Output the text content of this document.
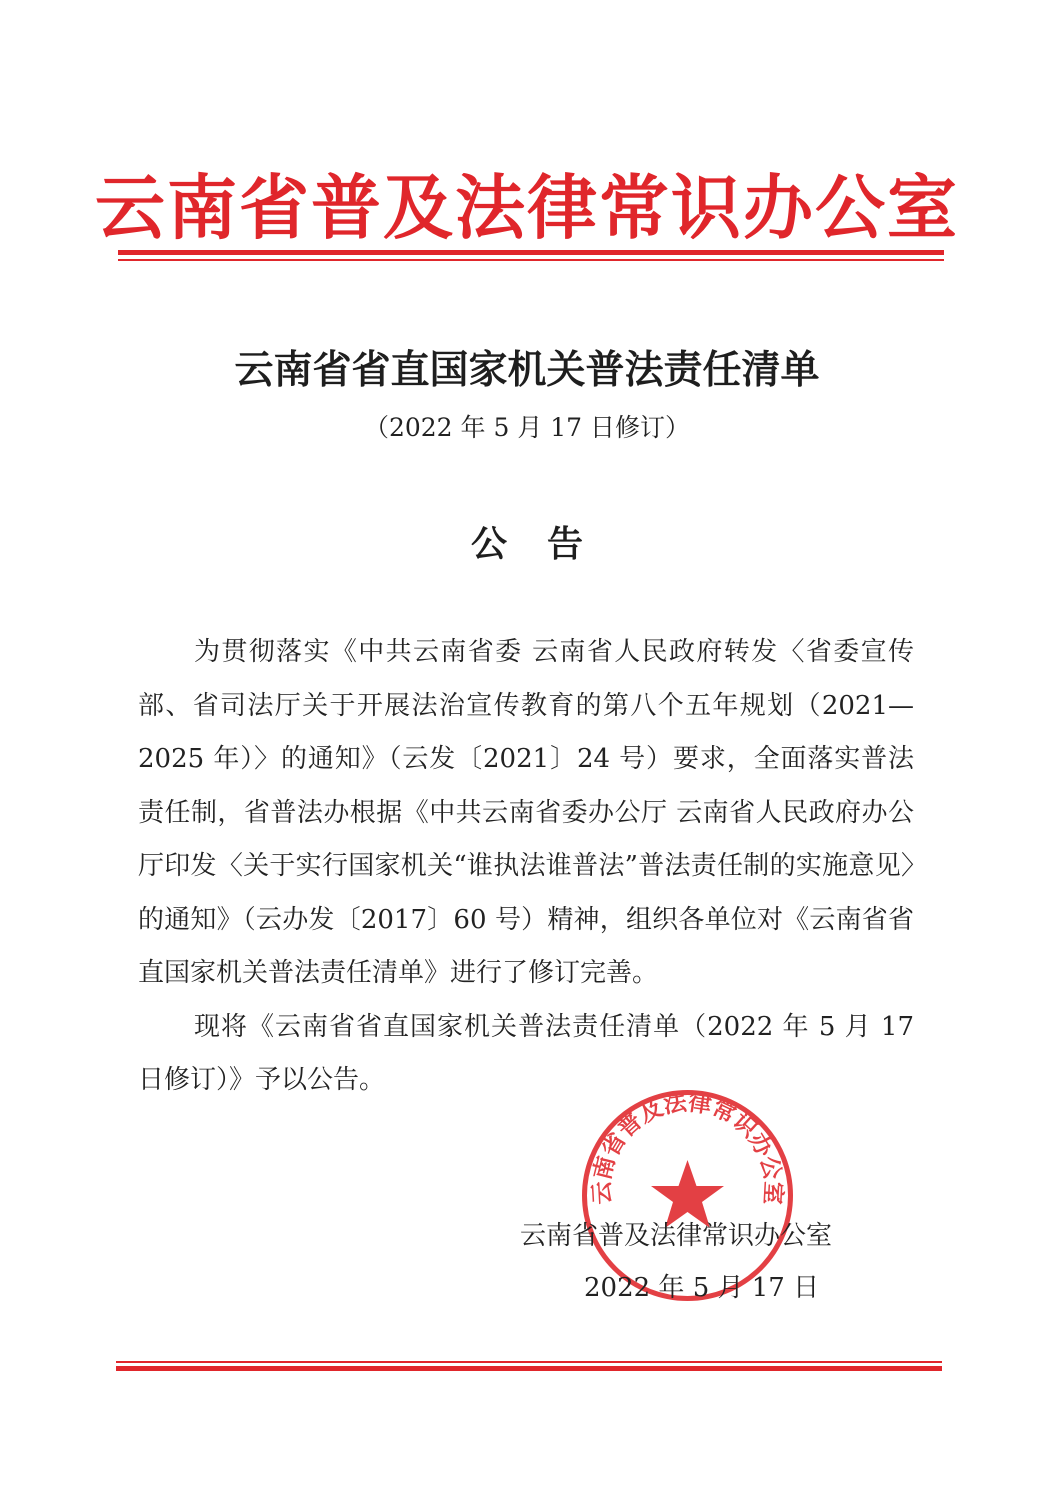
云南省普及法律常识办公室
云南省省直国家机关普法责任清单
（2022 年 5 月 17 日修订）
公告

为贯彻落实《中共云南省委 云南省人民政府转发〈省委宣传部、省司法厅关于开展法治宣传教育的第八个五年规划（2021—2025 年）〉的通知》（云发〔2021〕24 号）要求，全面落实普法责任制，省普法办根据《中共云南省委办公厅 云南省人民政府办公厅印发〈关于实行国家机关“谁执法谁普法”普法责任制的实施意见〉的通知》（云办发〔2017〕60 号）精神，组织各单位对《云南省省直国家机关普法责任清单》进行了修订完善。

现将《云南省省直国家机关普法责任清单（2022 年 5 月 17 日修订）》予以公告。

云南省普及法律常识办公室
云南省普及法律常识办公室
2022 年 5 月 17 日
